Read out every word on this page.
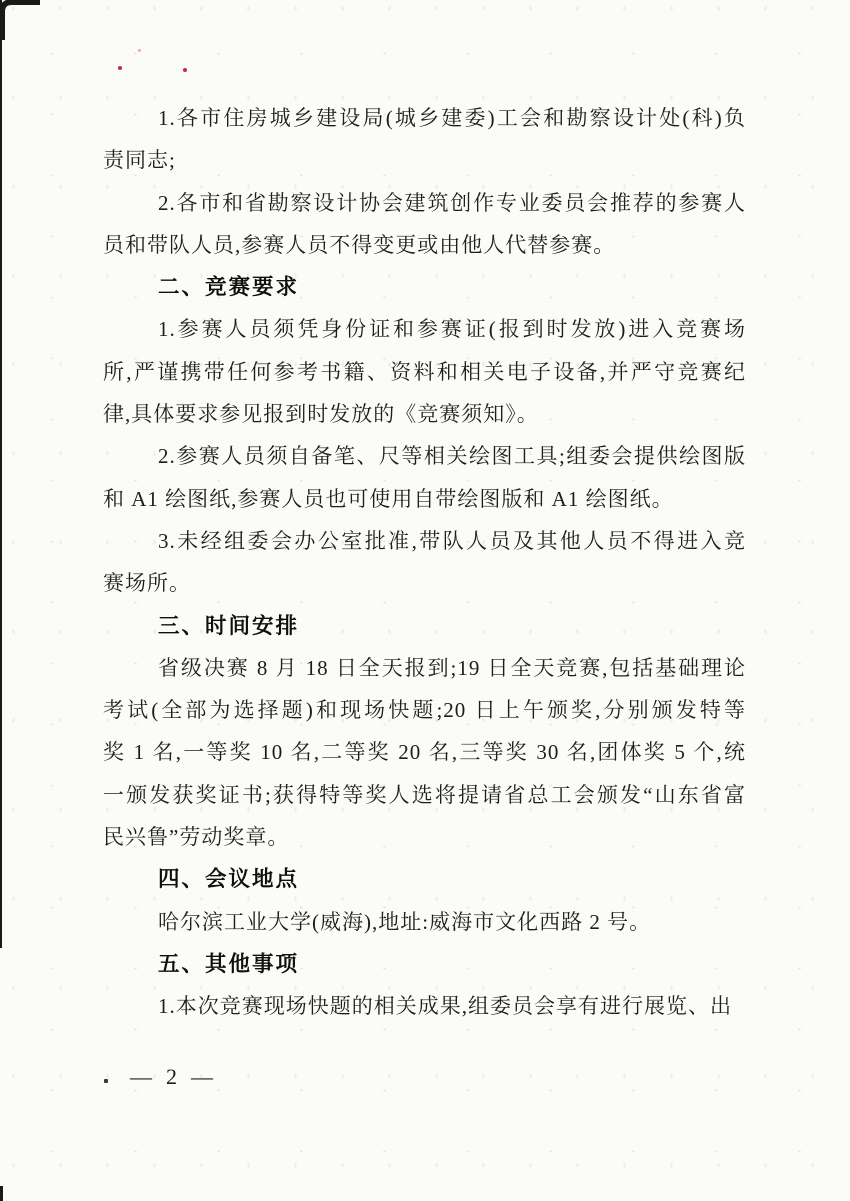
1.各市住房城乡建设局(城乡建委)工会和勘察设计处(科)负
责同志;
2.各市和省勘察设计协会建筑创作专业委员会推荐的参赛人
员和带队人员,参赛人员不得变更或由他人代替参赛。
二、竞赛要求
1.参赛人员须凭身份证和参赛证(报到时发放)进入竞赛场
所,严谨携带任何参考书籍、资料和相关电子设备,并严守竞赛纪
律,具体要求参见报到时发放的《竞赛须知》。
2.参赛人员须自备笔、尺等相关绘图工具;组委会提供绘图版
和 A1 绘图纸,参赛人员也可使用自带绘图版和 A1 绘图纸。
3.未经组委会办公室批准,带队人员及其他人员不得进入竞
赛场所。
三、时间安排
省级决赛 8 月 18 日全天报到;19 日全天竞赛,包括基础理论
考试(全部为选择题)和现场快题;20 日上午颁奖,分别颁发特等
奖 1 名,一等奖 10 名,二等奖 20 名,三等奖 30 名,团体奖 5 个,统
一颁发获奖证书;获得特等奖人选将提请省总工会颁发“山东省富
民兴鲁”劳动奖章。
四、会议地点
哈尔滨工业大学(威海),地址:威海市文化西路 2 号。
五、其他事项
1.本次竞赛现场快题的相关成果,组委员会享有进行展览、出
— 2 —
